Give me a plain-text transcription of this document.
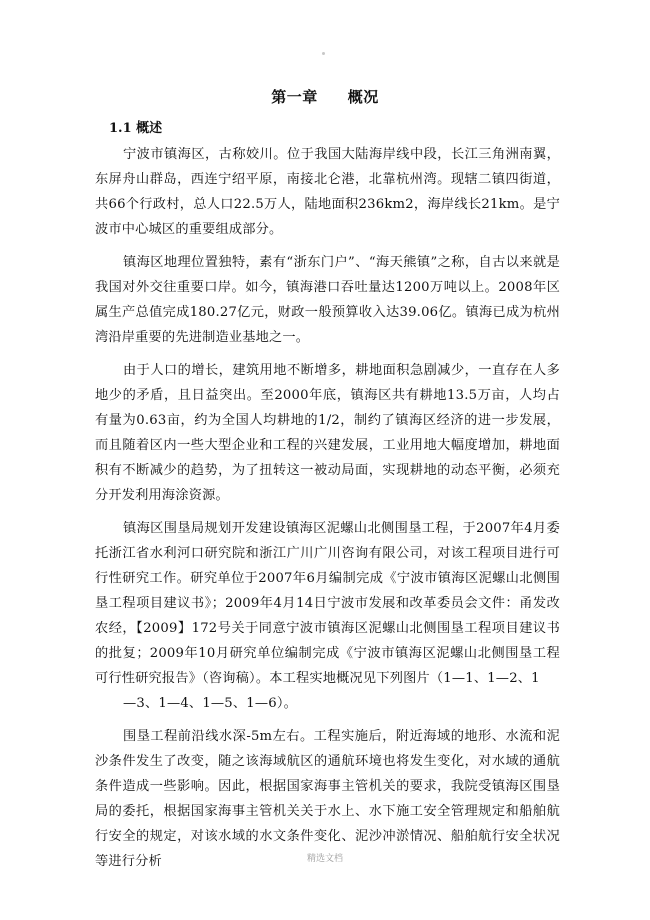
第一章 概况
1.1 概述

宁波市镇海区，古称姣川。位于我国大陆海岸线中段，长江三角洲南翼，东屏舟山群岛，西连宁绍平原，南接北仑港，北靠杭州湾。现辖二镇四街道，共66个行政村，总人口22.5万人，陆地面积236km2，海岸线长21km。是宁波市中心城区的重要组成部分。

镇海区地理位置独特，素有“浙东门户”、“海天熊镇”之称，自古以来就是我国对外交往重要口岸。如今，镇海港口吞吐量达1200万吨以上。2008年区属生产总值完成180.27亿元，财政一般预算收入达39.06亿。镇海已成为杭州湾沿岸重要的先进制造业基地之一。

由于人口的增长，建筑用地不断增多，耕地面积急剧减少，一直存在人多地少的矛盾，且日益突出。至2000年底，镇海区共有耕地13.5万亩，人均占有量为0.63亩，约为全国人均耕地的1/2，制约了镇海区经济的进一步发展，而且随着区内一些大型企业和工程的兴建发展，工业用地大幅度增加，耕地面积有不断减少的趋势，为了扭转这一被动局面，实现耕地的动态平衡，必须充分开发利用海涂资源。

镇海区围垦局规划开发建设镇海区泥螺山北侧围垦工程，于2007年4月委托浙江省水利河口研究院和浙江广川广川咨询有限公司，对该工程项目进行可行性研究工作。研究单位于2007年6月编制完成《宁波市镇海区泥螺山北侧围垦工程项目建议书》；2009年4月14日宁波市发展和改革委员会文件：甬发改农经，【2009】172号关于同意宁波市镇海区泥螺山北侧围垦工程项目建议书的批复；2009年10月研究单位编制完成《宁波市镇海区泥螺山北侧围垦工程可行性研究报告》（咨询稿）。本工程实地概况见下列图片（1—1、1—2、1

—3、1—4、1—5、1—6）。

围垦工程前沿线水深-5m左右。工程实施后，附近海域的地形、水流和泥沙条件发生了改变，随之该海域航区的通航环境也将发生变化，对水域的通航条件造成一些影响。因此，根据国家海事主管机关的要求，我院受镇海区围垦局的委托，根据国家海事主管机关关于水上、水下施工安全管理规定和船舶航行安全的规定，对该水域的水文条件变化、泥沙冲淤情况、船舶航行安全状况等进行分析	精选文档
